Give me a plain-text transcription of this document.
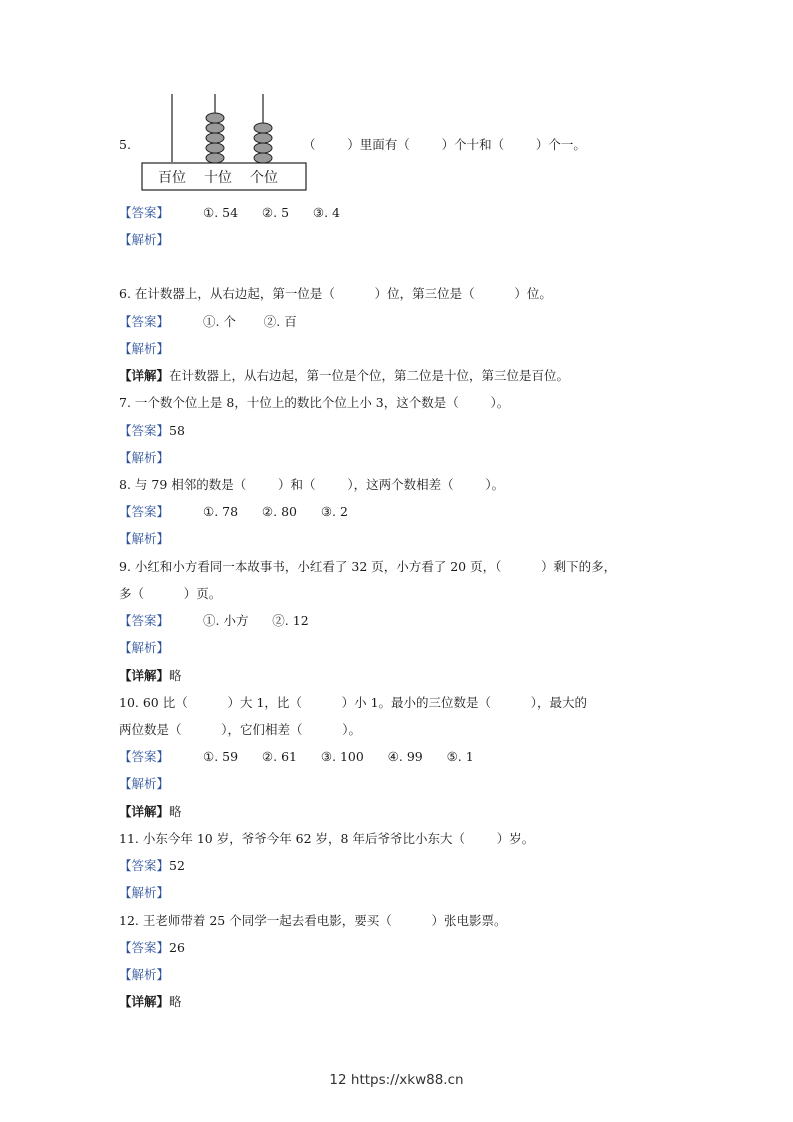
百位 十位 个位
5.	（        ）里面有（        ）个十和（        ）个一。
【答案】	①. 54      ②. 5      ③. 4
【解析】
6. 在计数器上，从右边起，第一位是（          ）位，第三位是（          ）位。
【答案】	①. 个       ②. 百
【解析】
【详解】在计数器上，从右边起，第一位是个位，第二位是十位，第三位是百位。
7. 一个数个位上是 8，十位上的数比个位上小 3，这个数是（        ）。
【答案】58
【解析】
8. 与 79 相邻的数是（        ）和（        ），这两个数相差（        ）。
【答案】	①. 78      ②. 80      ③. 2
【解析】
9. 小红和小方看同一本故事书，小红看了 32 页，小方看了 20 页，（          ）剩下的多，
多（          ）页。
【答案】	①. 小方      ②. 12
【解析】
【详解】略
10. 60 比（          ）大 1，比（          ）小 1。最小的三位数是（          ），最大的
两位数是（          ），它们相差（          ）。
【答案】	①. 59      ②. 61      ③. 100      ④. 99      ⑤. 1
【解析】
【详解】略
11. 小东今年 10 岁，爷爷今年 62 岁，8 年后爷爷比小东大（        ）岁。
【答案】52
【解析】
12. 王老师带着 25 个同学一起去看电影，要买（          ）张电影票。
【答案】26
【解析】
【详解】略
12 https://xkw88.cn
